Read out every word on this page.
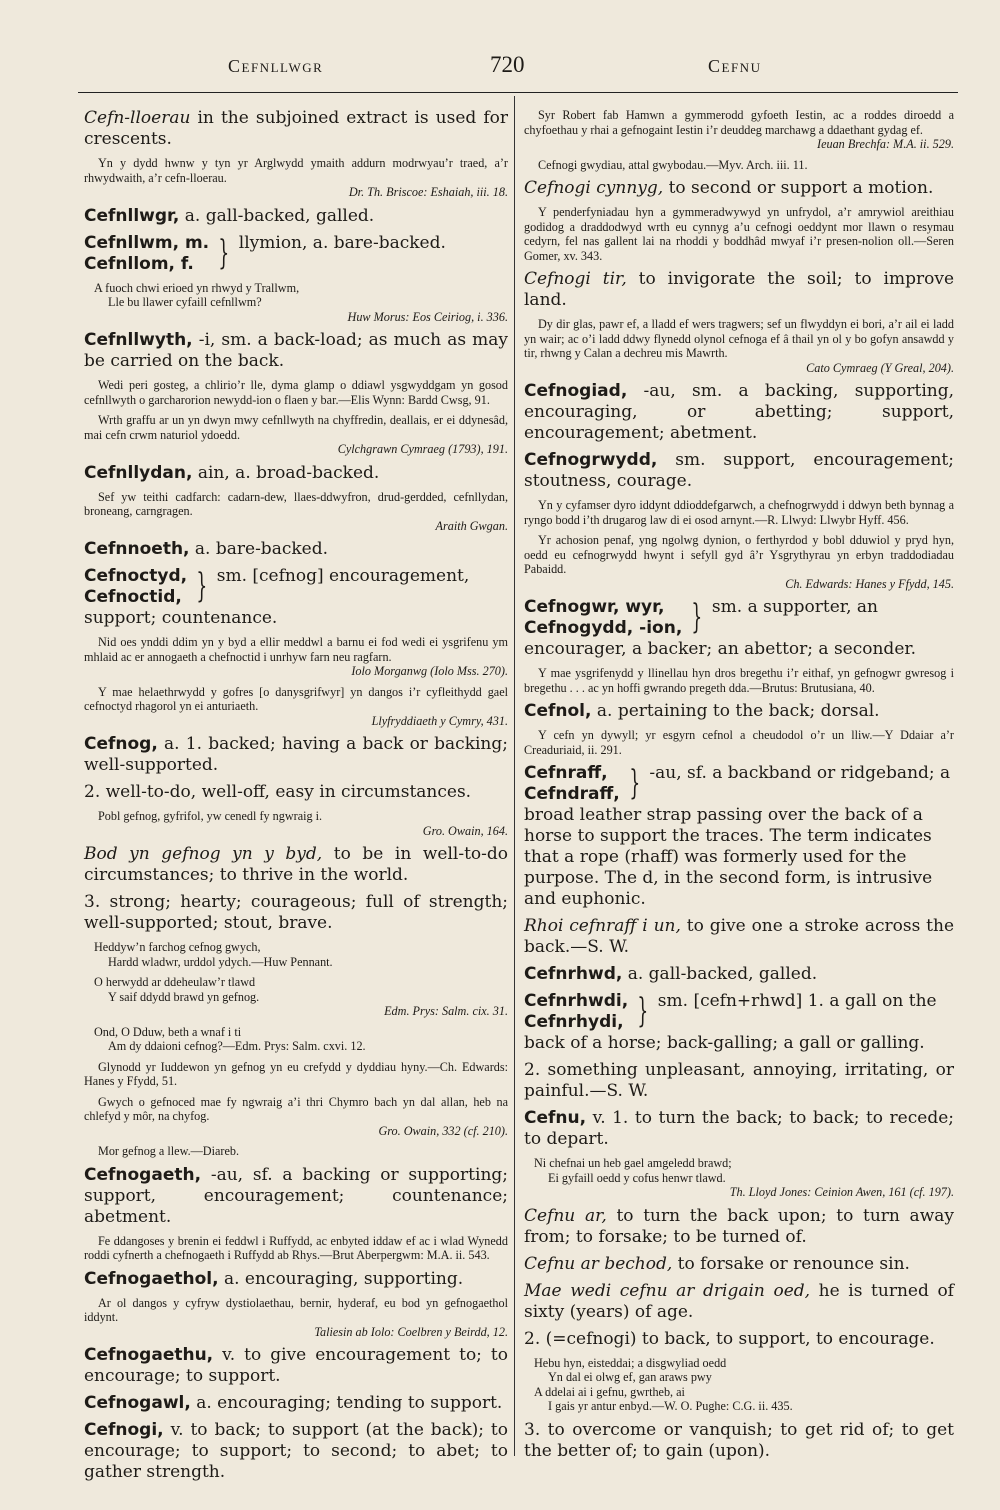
Cefnllwgr	720	Cefnu
Cefn-lloerau in the subjoined extract is used for crescents.
Yn y dydd hwnw y tyn yr Arglwydd ymaith addurn modrwyau’r traed, a’r rhwydwaith, a’r cefn-lloerau.
Dr. Th. Briscoe: Eshaiah, iii. 18.
Cefnllwgr, a. gall-backed, galled.
Cefnllwm, m.
Cefnllom, f. } llymion, a. bare-backed.
A fuoch chwi erioed yn rhwyd y Trallwm,
Lle bu llawer cyfaill cefnllwm?
Huw Morus: Eos Ceiriog, i. 336.
Cefnllwyth, -i, sm. a back-load; as much as may be carried on the back.
Wedi peri gosteg, a chlirio’r lle, dyma glamp o ddiawl ysgwyddgam yn gosod cefnllwyth o garcharorion newydd-ion o flaen y bar.—Elis Wynn: Bardd Cwsg, 91.
Wrth graffu ar un yn dwyn mwy cefnllwyth na chyffredin, deallais, er ei ddynesâd, mai cefn crwm naturiol ydoedd.
Cylchgrawn Cymraeg (1793), 191.
Cefnllydan, ain, a. broad-backed.
Sef yw teithi cadfarch: cadarn-dew, llaes-ddwyfron, drud-gerdded, cefnllydan, broneang, carngragen.
Araith Gwgan.
Cefnnoeth, a. bare-backed.
Cefnoctyd,
Cefnoctid, } sm. [cefnog] encouragement, support; countenance.
Nid oes ynddi ddim yn y byd a ellir meddwl a barnu ei fod wedi ei ysgrifenu ym mhlaid ac er annogaeth a chefnoctid i unrhyw farn neu ragfarn.
Iolo Morganwg (Iolo Mss. 270).
Y mae helaethrwydd y gofres [o danysgrifwyr] yn dangos i’r cyfleithydd gael cefnoctyd rhagorol yn ei anturiaeth.
Llyfryddiaeth y Cymry, 431.
Cefnog, a. 1. backed; having a back or backing; well-supported.
2. well-to-do, well-off, easy in circumstances.
Pobl gefnog, gyfrifol, yw cenedl fy ngwraig i.
Gro. Owain, 164.
Bod yn gefnog yn y byd, to be in well-to-do circumstances; to thrive in the world.
3. strong; hearty; courageous; full of strength; well-supported; stout, brave.
Heddyw’n farchog cefnog gwych,
Hardd wladwr, urddol ydych.—Huw Pennant.
O herwydd ar ddeheulaw’r tlawd
Y saif ddydd brawd yn gefnog.
Edm. Prys: Salm. cix. 31.
Ond, O Dduw, beth a wnaf i ti
Am dy ddaioni cefnog?—Edm. Prys: Salm. cxvi. 12.
Glynodd yr Iuddewon yn gefnog yn eu crefydd y dyddiau hyny.—Ch. Edwards: Hanes y Ffydd, 51.
Gwych o gefnoced mae fy ngwraig a’i thri Chymro bach yn dal allan, heb na chlefyd y môr, na chyfog.
Gro. Owain, 332 (cf. 210).
Mor gefnog a llew.—Diareb.
Cefnogaeth, -au, sf. a backing or supporting; support, encouragement; countenance; abetment.
Fe ddangoses y brenin ei feddwl i Ruffydd, ac enbyted iddaw ef ac i wlad Wynedd roddi cyfnerth a chefnogaeth i Ruffydd ab Rhys.—Brut Aberpergwm: M.A. ii. 543.
Cefnogaethol, a. encouraging, supporting.
Ar ol dangos y cyfryw dystiolaethau, bernir, hyderaf, eu bod yn gefnogaethol iddynt.
Taliesin ab Iolo: Coelbren y Beirdd, 12.
Cefnogaethu, v. to give encouragement to; to encourage; to support.
Cefnogawl, a. encouraging; tending to support.
Cefnogi, v. to back; to support (at the back); to encourage; to support; to second; to abet; to gather strength.
Syr Robert fab Hamwn a gymmerodd gyfoeth Iestin, ac a roddes diroedd a chyfoethau y rhai a gefnogaint Iestin i’r deuddeg marchawg a ddaethant gydag ef.
Ieuan Brechfa: M.A. ii. 529.
Cefnogi gwydiau, attal gwybodau.—Myv. Arch. iii. 11.
Cefnogi cynnyg, to second or support a motion.
Y penderfyniadau hyn a gymmeradwywyd yn unfrydol, a’r amrywiol areithiau godidog a draddodwyd wrth eu cynnyg a’u cefnogi oeddynt mor llawn o resymau cedyrn, fel nas gallent lai na rhoddi y boddhâd mwyaf i’r presen-nolion oll.—Seren Gomer, xv. 343.
Cefnogi tir, to invigorate the soil; to improve land.
Dy dir glas, pawr ef, a lladd ef wers tragwers; sef un flwyddyn ei bori, a’r ail ei ladd yn wair; ac o’i ladd ddwy flynedd olynol cefnoga ef â thail yn ol y bo gofyn ansawdd y tir, rhwng y Calan a dechreu mis Mawrth.
Cato Cymraeg (Y Greal, 204).
Cefnogiad, -au, sm. a backing, supporting, encouraging, or abetting; support, encouragement; abetment.
Cefnogrwydd, sm. support, encouragement; stoutness, courage.
Yn y cyfamser dyro iddynt ddioddefgarwch, a chefnogrwydd i ddwyn beth bynnag a ryngo bodd i’th drugarog law di ei osod arnynt.—R. Llwyd: Llwybr Hyff. 456.
Yr achosion penaf, yng ngolwg dynion, o ferthyrdod y bobl dduwiol y pryd hyn, oedd eu cefnogrwydd hwynt i sefyll gyd â’r Ysgrythyrau yn erbyn traddodiadau Pabaidd.
Ch. Edwards: Hanes y Ffydd, 145.
Cefnogwr, wyr,
Cefnogydd, -ion, } sm. a supporter, an encourager, a backer; an abettor; a seconder.
Y mae ysgrifenydd y llinellau hyn dros bregethu i’r eithaf, yn gefnogwr gwresog i bregethu . . . ac yn hoffi gwrando pregeth dda.—Brutus: Brutusiana, 40.
Cefnol, a. pertaining to the back; dorsal.
Y cefn yn dywyll; yr esgyrn cefnol a cheudodol o’r un lliw.—Y Ddaiar a’r Creaduriaid, ii. 291.
Cefnraff,
Cefndraff, } -au, sf. a backband or ridgeband; a broad leather strap passing over the back of a horse to support the traces. The term indicates that a rope (rhaff) was formerly used for the purpose. The d, in the second form, is intrusive and euphonic.
Rhoi cefnraff i un, to give one a stroke across the back.—S. W.
Cefnrhwd, a. gall-backed, galled.
Cefnrhwdi,
Cefnrhydi, } sm. [cefn+rhwd] 1. a gall on the back of a horse; back-galling; a gall or galling.
2. something unpleasant, annoying, irritating, or painful.—S. W.
Cefnu, v. 1. to turn the back; to back; to recede; to depart.
Ni chefnai un heb gael amgeledd brawd;
Ei gyfaill oedd y cofus henwr tlawd.
Th. Lloyd Jones: Ceinion Awen, 161 (cf. 197).
Cefnu ar, to turn the back upon; to turn away from; to forsake; to be turned of.
Cefnu ar bechod, to forsake or renounce sin.
Mae wedi cefnu ar drigain oed, he is turned of sixty (years) of age.
2. (=cefnogi) to back, to support, to encourage.
Hebu hyn, eisteddai; a disgwyliad oedd
Yn dal ei olwg ef, gan araws pwy
A ddelai ai i gefnu, gwrtheb, ai
I gais yr antur enbyd.—W. O. Pughe: C.G. ii. 435.
3. to overcome or vanquish; to get rid of; to get the better of; to gain (upon).
